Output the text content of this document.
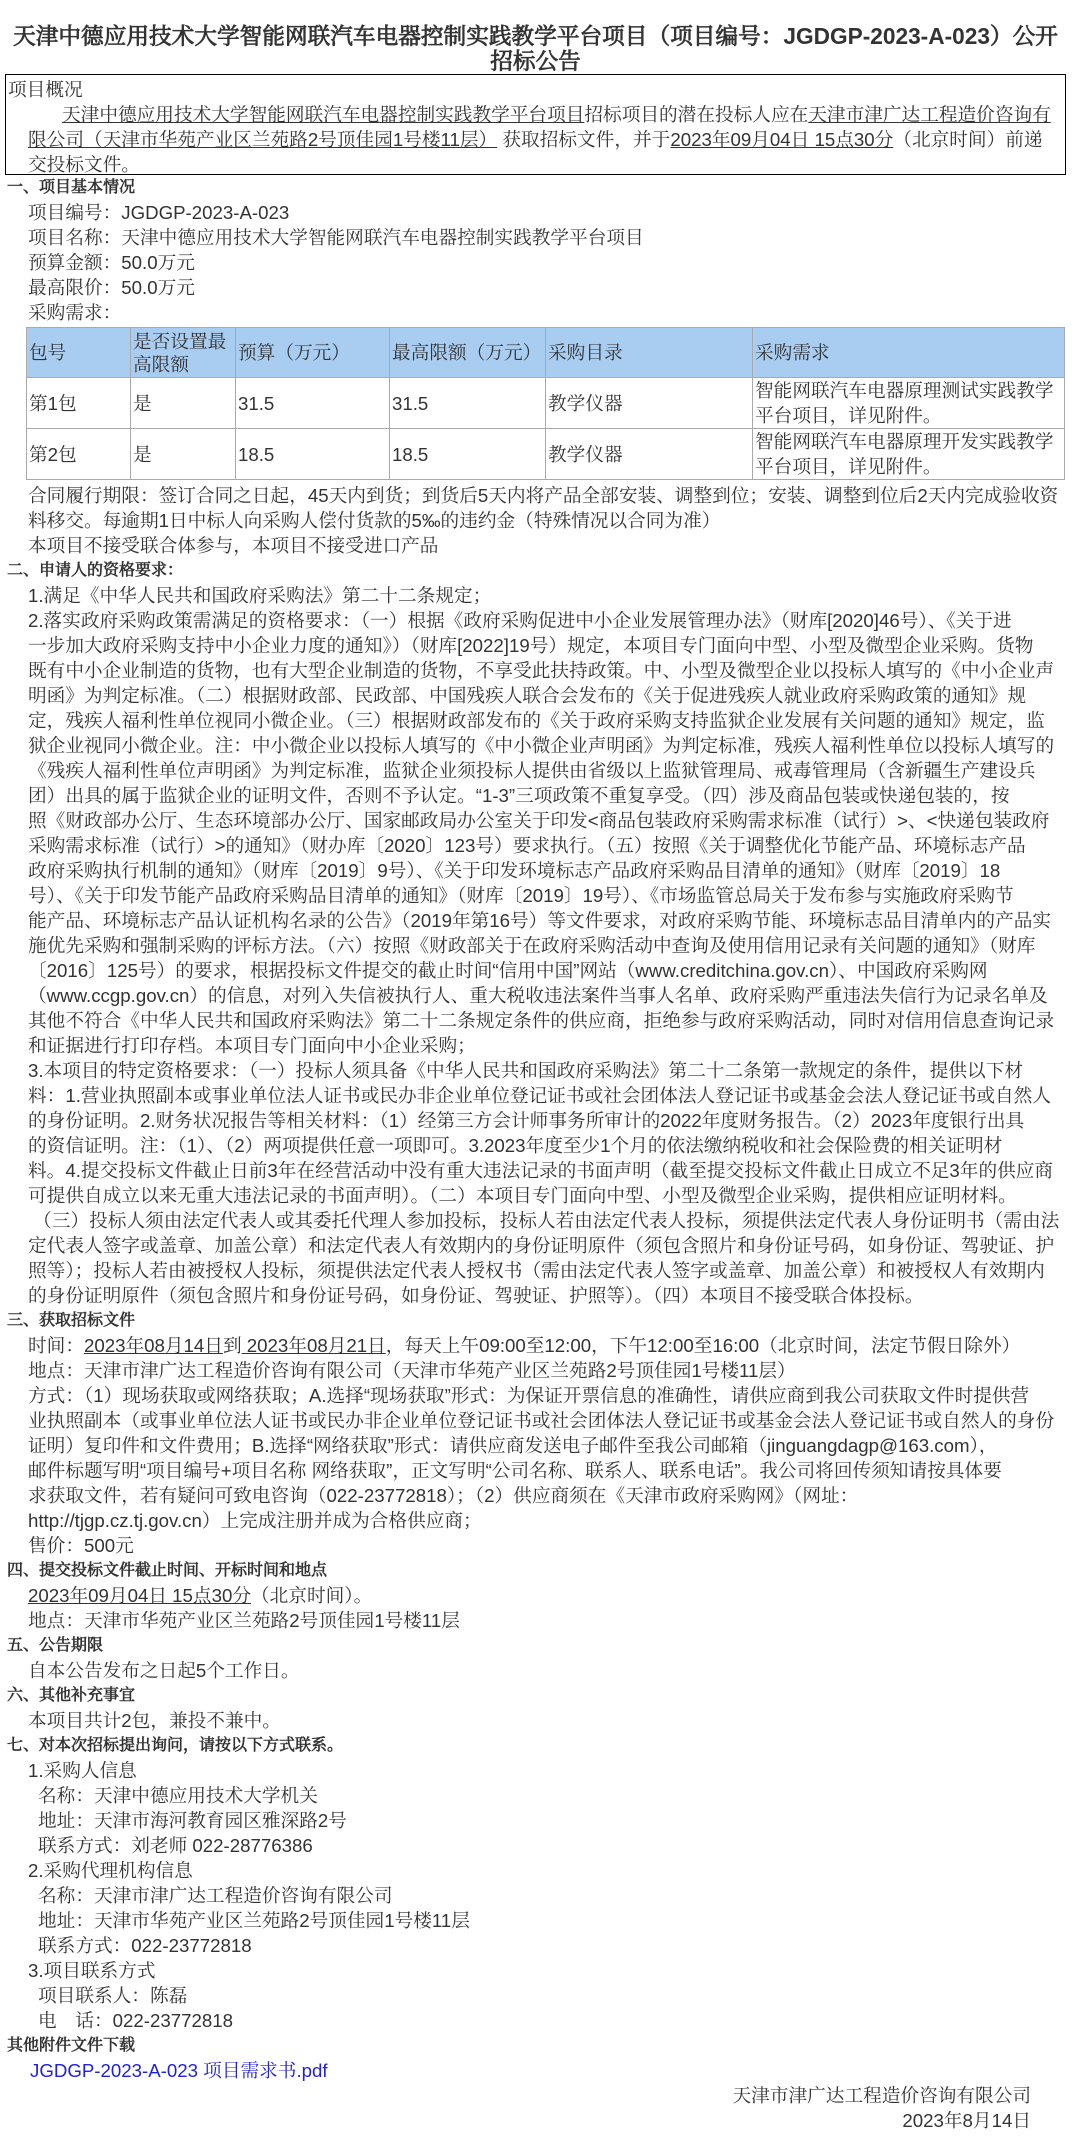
天津中德应用技术大学智能网联汽车电器控制实践教学平台项目（项目编号：JGDGP-2023-A-023）公开
招标公告
项目概况
天津中德应用技术大学智能网联汽车电器控制实践教学平台项目招标项目的潜在投标人应在天津市津广达工程造价咨询有
限公司（天津市华苑产业区兰苑路2号顶佳园1号楼11层） 获取招标文件，并于2023年09月04日 15点30分（北京时间）前递
交投标文件。
一、项目基本情况
项目编号：JGDGP-2023-A-023
项目名称：天津中德应用技术大学智能网联汽车电器控制实践教学平台项目
预算金额：50.0万元
最高限价：50.0万元
采购需求：
包号	是否设置最高限额	预算（万元）	最高限额（万元）	采购目录	采购需求
第1包	是	31.5	31.5	教学仪器	智能网联汽车电器原理测试实践教学平台项目，详见附件。
第2包	是	18.5	18.5	教学仪器	智能网联汽车电器原理开发实践教学平台项目，详见附件。
合同履行期限：签订合同之日起，45天内到货；到货后5天内将产品全部安装、调整到位；安装、调整到位后2天内完成验收资
料移交。每逾期1日中标人向采购人偿付货款的5‰的违约金（特殊情况以合同为准）
本项目不接受联合体参与，本项目不接受进口产品
二、申请人的资格要求：
1.满足《中华人民共和国政府采购法》第二十二条规定；
2.落实政府采购政策需满足的资格要求：（一）根据《政府采购促进中小企业发展管理办法》（财库[2020]46号）、《关于进
一步加大政府采购支持中小企业力度的通知》）（财库[2022]19号）规定，本项目专门面向中型、小型及微型企业采购。货物
既有中小企业制造的货物，也有大型企业制造的货物，不享受此扶持政策。中、小型及微型企业以投标人填写的《中小企业声
明函》为判定标准。（二）根据财政部、民政部、中国残疾人联合会发布的《关于促进残疾人就业政府采购政策的通知》规
定，残疾人福利性单位视同小微企业。（三）根据财政部发布的《关于政府采购支持监狱企业发展有关问题的通知》规定，监
狱企业视同小微企业。注：中小微企业以投标人填写的《中小微企业声明函》为判定标准，残疾人福利性单位以投标人填写的
《残疾人福利性单位声明函》为判定标准，监狱企业须投标人提供由省级以上监狱管理局、戒毒管理局（含新疆生产建设兵
团）出具的属于监狱企业的证明文件，否则不予认定。“1-3”三项政策不重复享受。（四）涉及商品包装或快递包装的，按
照《财政部办公厅、生态环境部办公厅、国家邮政局办公室关于印发<商品包装政府采购需求标准（试行）>、<快递包装政府
采购需求标准（试行）>的通知》（财办库〔2020〕123号）要求执行。（五）按照《关于调整优化节能产品、环境标志产品
政府采购执行机制的通知》（财库〔2019〕9号）、《关于印发环境标志产品政府采购品目清单的通知》（财库〔2019〕18
号）、《关于印发节能产品政府采购品目清单的通知》（财库〔2019〕19号）、《市场监管总局关于发布参与实施政府采购节
能产品、环境标志产品认证机构名录的公告》（2019年第16号）等文件要求，对政府采购节能、环境标志品目清单内的产品实
施优先采购和强制采购的评标方法。（六）按照《财政部关于在政府采购活动中查询及使用信用记录有关问题的通知》（财库
〔2016〕125号）的要求，根据投标文件提交的截止时间“信用中国”网站（www.creditchina.gov.cn）、中国政府采购网
（www.ccgp.gov.cn）的信息，对列入失信被执行人、重大税收违法案件当事人名单、政府采购严重违法失信行为记录名单及
其他不符合《中华人民共和国政府采购法》第二十二条规定条件的供应商，拒绝参与政府采购活动，同时对信用信息查询记录
和证据进行打印存档。本项目专门面向中小企业采购；
3.本项目的特定资格要求：（一）投标人须具备《中华人民共和国政府采购法》第二十二条第一款规定的条件，提供以下材
料：1.营业执照副本或事业单位法人证书或民办非企业单位登记证书或社会团体法人登记证书或基金会法人登记证书或自然人
的身份证明。2.财务状况报告等相关材料：（1）经第三方会计师事务所审计的2022年度财务报告。（2）2023年度银行出具
的资信证明。注：（1）、（2）两项提供任意一项即可。3.2023年度至少1个月的依法缴纳税收和社会保险费的相关证明材
料。4.提交投标文件截止日前3年在经营活动中没有重大违法记录的书面声明（截至提交投标文件截止日成立不足3年的供应商
可提供自成立以来无重大违法记录的书面声明）。（二）本项目专门面向中型、小型及微型企业采购，提供相应证明材料。
（三）投标人须由法定代表人或其委托代理人参加投标，投标人若由法定代表人投标，须提供法定代表人身份证明书（需由法
定代表人签字或盖章、加盖公章）和法定代表人有效期内的身份证明原件（须包含照片和身份证号码，如身份证、驾驶证、护
照等）；投标人若由被授权人投标，须提供法定代表人授权书（需由法定代表人签字或盖章、加盖公章）和被授权人有效期内
的身份证明原件（须包含照片和身份证号码，如身份证、驾驶证、护照等）。（四）本项目不接受联合体投标。
三、获取招标文件
时间：2023年08月14日到 2023年08月21日，每天上午09:00至12:00，下午12:00至16:00（北京时间，法定节假日除外）
地点：天津市津广达工程造价咨询有限公司（天津市华苑产业区兰苑路2号顶佳园1号楼11层）
方式：（1）现场获取或网络获取；A.选择“现场获取”形式：为保证开票信息的准确性，请供应商到我公司获取文件时提供营
业执照副本（或事业单位法人证书或民办非企业单位登记证书或社会团体法人登记证书或基金会法人登记证书或自然人的身份
证明）复印件和文件费用；B.选择“网络获取”形式：请供应商发送电子邮件至我公司邮箱（jinguangdagp@163.com），
邮件标题写明“项目编号+项目名称 网络获取”，正文写明“公司名称、联系人、联系电话”。我公司将回传须知请按具体要
求获取文件，若有疑问可致电咨询（022-23772818）；（2）供应商须在《天津市政府采购网》（网址：
http://tjgp.cz.tj.gov.cn）上完成注册并成为合格供应商；
售价：500元
四、提交投标文件截止时间、开标时间和地点
2023年09月04日 15点30分（北京时间）。
地点：天津市华苑产业区兰苑路2号顶佳园1号楼11层
五、公告期限
自本公告发布之日起5个工作日。
六、其他补充事宜
本项目共计2包，兼投不兼中。
七、对本次招标提出询问，请按以下方式联系。
1.采购人信息
名称：天津中德应用技术大学机关
地址：天津市海河教育园区雅深路2号
联系方式：刘老师 022-28776386
2.采购代理机构信息
名称：天津市津广达工程造价咨询有限公司
地址：天津市华苑产业区兰苑路2号顶佳园1号楼11层
联系方式：022-23772818
3.项目联系方式
项目联系人：陈磊
电　话：022-23772818
其他附件文件下载
JGDGP-2023-A-023 项目需求书.pdf
天津市津广达工程造价咨询有限公司
2023年8月14日
